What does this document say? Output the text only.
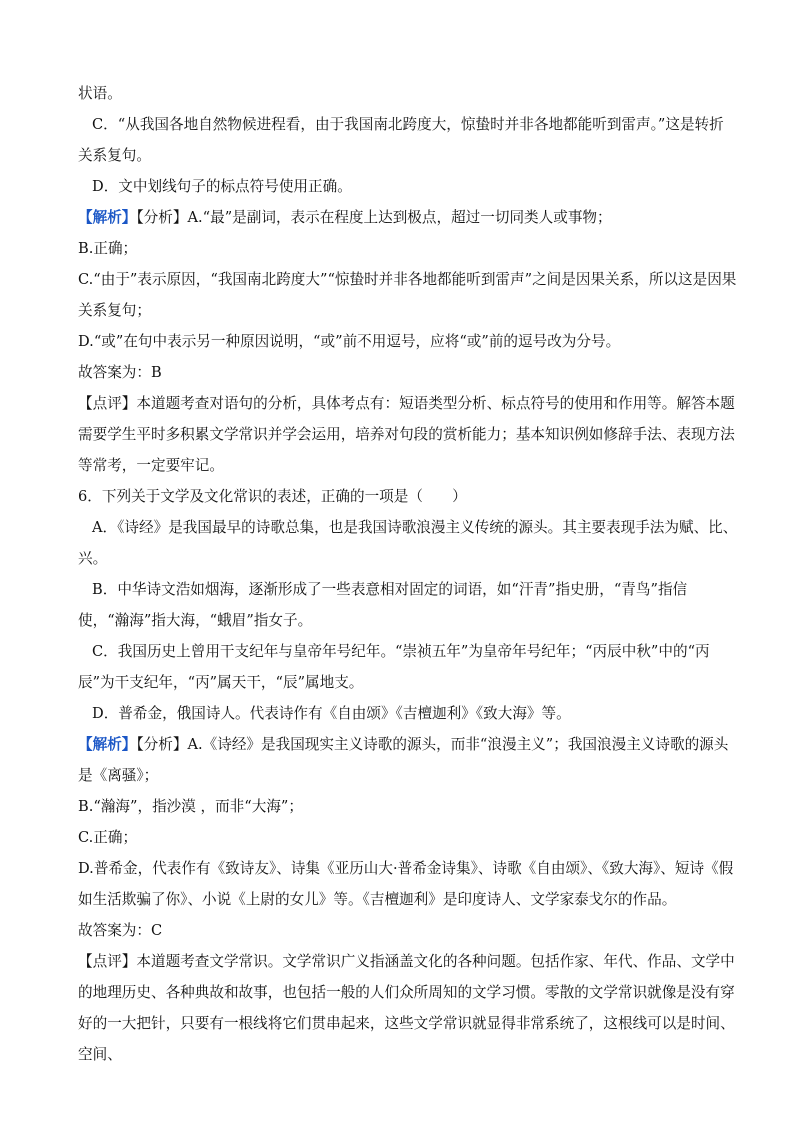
状语。
C．“从我国各地自然物候进程看，由于我国南北跨度大，惊蛰时并非各地都能听到雷声。”这是转折关系复句。
D．文中划线句子的标点符号使用正确。
【解析】【分析】A.“最”是副词，表示在程度上达到极点，超过一切同类人或事物；
B.正确；
C.“由于”表示原因，“我国南北跨度大”“惊蛰时并非各地都能听到雷声”之间是因果关系，所以这是因果关系复句；
D.“或”在句中表示另一种原因说明，“或”前不用逗号，应将“或”前的逗号改为分号。
故答案为：B
【点评】本道题考查对语句的分析，具体考点有：短语类型分析、标点符号的使用和作用等。解答本题需要学生平时多积累文学常识并学会运用，培养对句段的赏析能力；基本知识例如修辞手法、表现方法等常考，一定要牢记。
6．下列关于文学及文化常识的表述，正确的一项是（　　）
A．《诗经》是我国最早的诗歌总集，也是我国诗歌浪漫主义传统的源头。其主要表现手法为赋、比、兴。
B．中华诗文浩如烟海，逐渐形成了一些表意相对固定的词语，如“汗青”指史册，“青鸟”指信使，“瀚海”指大海，“蛾眉”指女子。
C．我国历史上曾用干支纪年与皇帝年号纪年。“崇祯五年”为皇帝年号纪年；“丙辰中秋”中的“丙辰”为干支纪年，“丙”属天干，“辰”属地支。
D．普希金，俄国诗人。代表诗作有《自由颂》《吉檀迦利》《致大海》等。
【解析】【分析】A.《诗经》是我国现实主义诗歌的源头，而非“浪漫主义”；我国浪漫主义诗歌的源头是《离骚》；
B.“瀚海”，指沙漠 ，而非“大海”；
C.正确；
D.普希金，代表作有《致诗友》、诗集《亚历山大·普希金诗集》、诗歌《自由颂》、《致大海》、短诗《假如生活欺骗了你》、小说《上尉的女儿》等。《吉檀迦利》是印度诗人、文学家泰戈尔的作品。
故答案为：C
【点评】本道题考查文学常识。文学常识广义指涵盖文化的各种问题。包括作家、年代、作品、文学中的地理历史、各种典故和故事，也包括一般的人们众所周知的文学习惯。零散的文学常识就像是没有穿好的一大把针，只要有一根线将它们贯串起来，这些文学常识就显得非常系统了，这根线可以是时间、空间、
